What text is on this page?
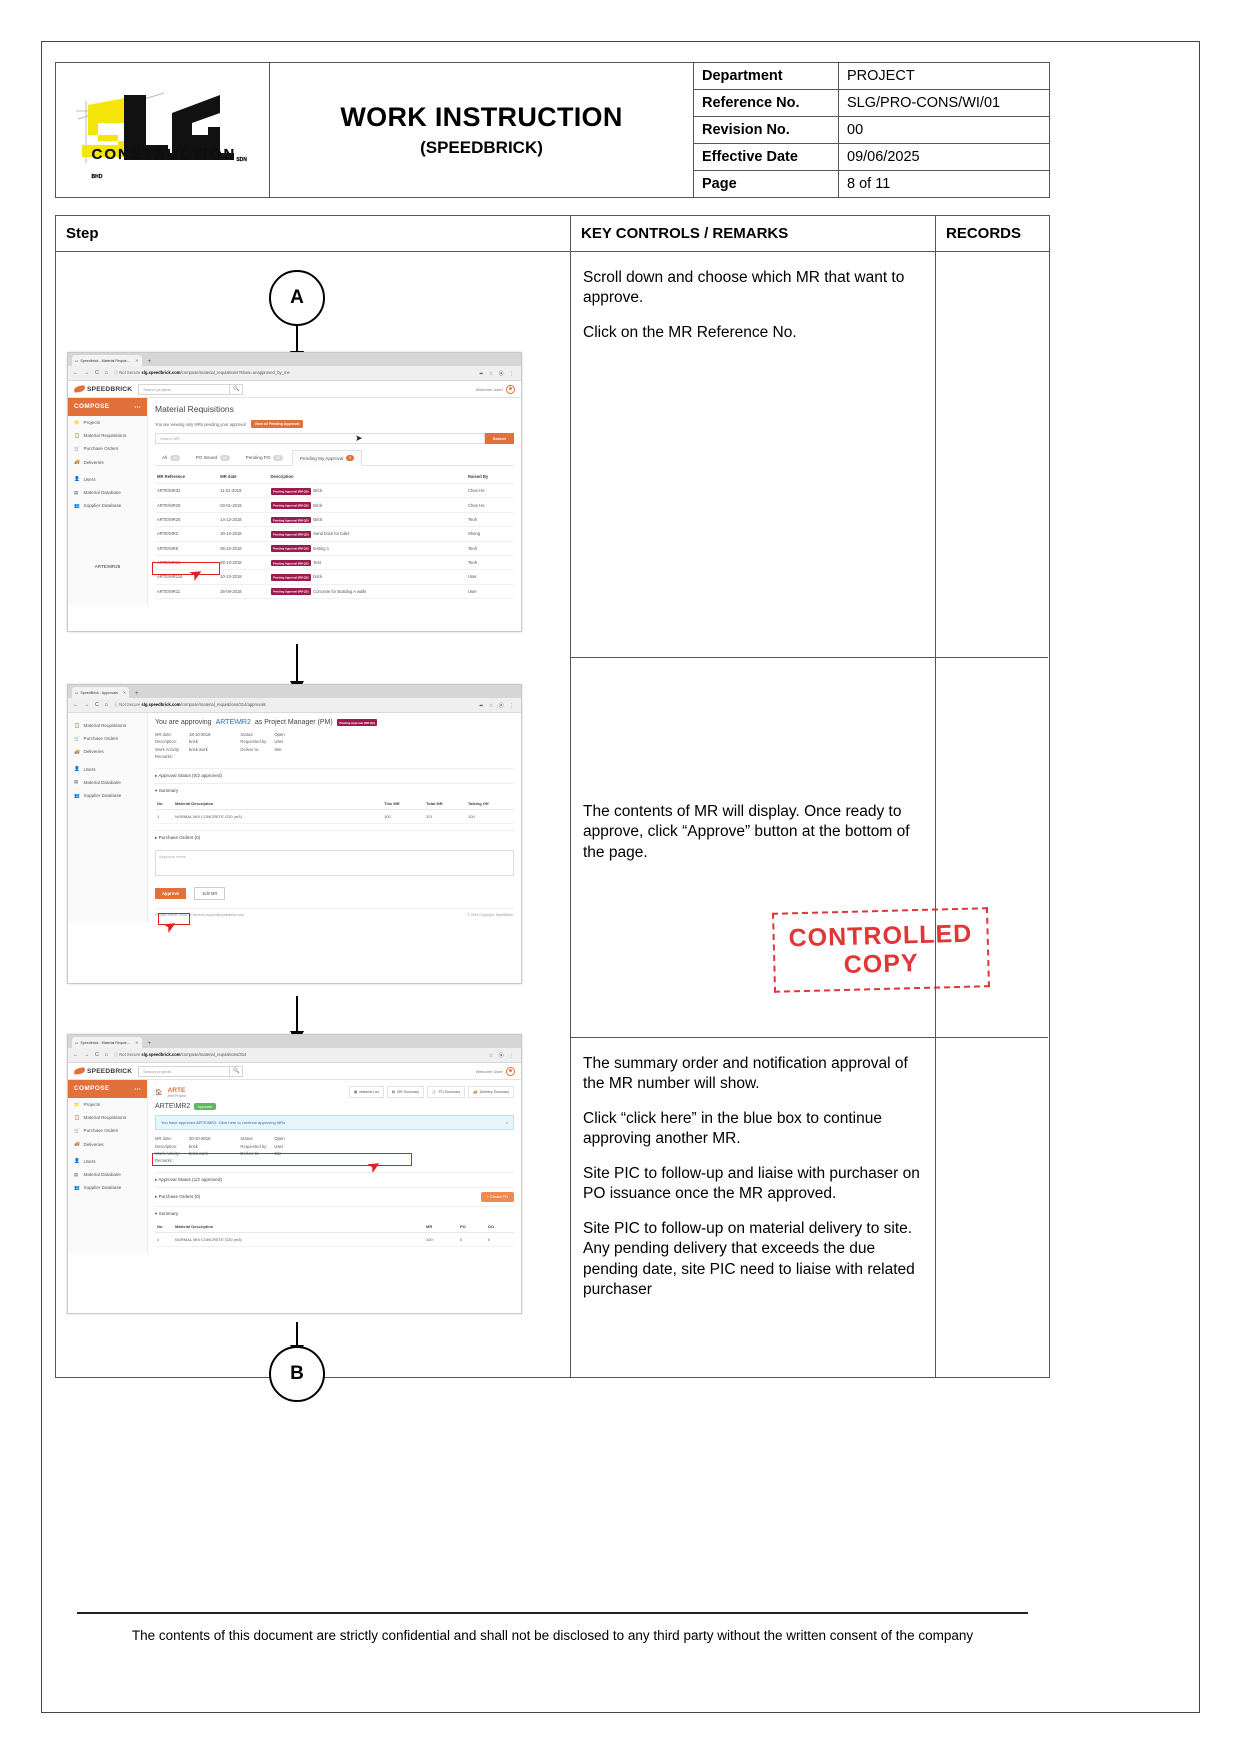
CONSTRUCTIONSDN BHD
WORK INSTRUCTION
(SPEEDBRICK)
Department	PROJECT
Reference No.	SLG/PRO-CONS/WI/01
Revision No.	00
Effective Date	09/06/2025
Page	8 of 11
Step	KEY CONTROLS / REMARKS	RECORDS
A
▭ Speedbrick - Material Requis… ✕ +
← → C ⌂ ⓘ Not Secure slg.speedbrick.com/compose/material_requisitions?show=unapproved_by_me	⬌ ☆ ⦿ ⋮
SPEEDBRICK	Search projects	🔍	Welcome User! ☻
COMPOSE	⋯
📁 Projects
📋 Material Requisitions
🛒 Purchase Orders
🚚 Deliveries
👤 Users
▤	Material Database
👥 Supplier Database
ARTE\MR26
Material Requisitions
You are viewing only MRs pending your approval	View all Pending Approval
Search MR	Search
All	43	PO Issued	18	Pending PO	15	Pending My Approval	8
MR Reference	MR date	Description	Raised By
ARTE\MR32	11-01-2019	Pending Approval (PM QS) Brick	Chee Ho
ARTE\MR29	03-01-2019	Pending Approval (PM QS) Brick	Chee Ho
ARTE\MR26	14-12-2018	Pending Approval (PM QS) Brick	Teoh
ARTE\MR2	30-10-2018	Pending Approval (PM QS) Sand brick for toilet	Sheng
ARTE\MR6	26-10-2018	Pending Approval (PM QS) testing 1	Teoh
ARTE\MR18	26-10-2018	Pending Approval (PM QS) Test	Teoh
ARTE\MR116	10-10-2018	Pending Approval (PM QS) brick	User
ARTE\MR11	26-09-2018	Pending Approval (PM QS) Concrete for Building A walls	User
➤
➤
▭ SpeedBrick - Approvals ✕ +
← → C ⌂ ⓘ Not Secure slg.speedbrick.com/compose/material_requisitions/314/approvals	⬌ ☆ ⦿ ⋮
📋 Material Requisitions
🛒 Purchase Orders
🚚 Deliveries
👤 Users
▤	Material Database
👥 Supplier Database
You are approving ARTE\MR2 as Project Manager (PM)	Pending Approval (PM QS)
MR date:	18-10-2018
Description:	brick
Work Activity: brick work
Remarks:
Status:	Open
Requested by: User
Deliver to:	Site
▸ Approval Status (0/2 approved)
▾ Summary
No.	Material Description	This MR	Total MR	Talking Off
1	NORMAL MIX CONCRETE G20 (m3)	100	321	100
▸ Purchase Orders (0)
Approval notes
Approve	Edit MR
Privacy Notice| Terms of Service| support@speedbrick.com	© 2018 Copyright, SpeedBrick.
➤
▭ Speedbrick - Material Requis… ✕ +
← → C ⌂ ⓘ Not Secure slg.speedbrick.com/compose/material_requisitions/314	☆ ⦿ ⋮
SPEEDBRICK	Search projects	🔍	Welcome User! ☻
COMPOSE	⋯
📁 Projects
📋 Material Requisitions
🛒 Purchase Orders
🚚 Deliveries
👤 Users
▤	Material Database
👥 Supplier Database
🏠 ARTE
Arte Project
▦ Material List	▤ MR Summary	🛒 PO Summary	🚚 Delivery Summary
ARTE\MR2	Approved
You have approved ARTE\MR2. Click here to continue approving MRs	×
MR date:	30-10-2018
Description:	brick
Work Activity: brick work
Remarks:
Status:	Open
Requested by: User
Deliver to:	Site
▸ Approval Status (1/2 approved)
▸ Purchase Orders (0)	+ Create PO
▾ Summary
No.	Material Description	MR	PO	DO
1	NORMAL MIX CONCRETE G20 (m3)	100	0	0
➤
B

Scroll down and choose which MR that want to approve.

Click on the MR Reference No.

The contents of MR will display. Once ready to approve, click “Approve” button at the bottom of the page.

The summary order and notification approval of the MR number will show.

Click “click here” in the blue box to continue approving another MR.

Site PIC to follow-up and liaise with purchaser on PO issuance once the MR approved.

Site PIC to follow-up on material delivery to site. Any pending delivery that exceeds the due pending date, site PIC need to liaise with related purchaser

CONTROLLED
COPY
The contents of this document are strictly confidential and shall not be disclosed to any third party without the written consent of the company
